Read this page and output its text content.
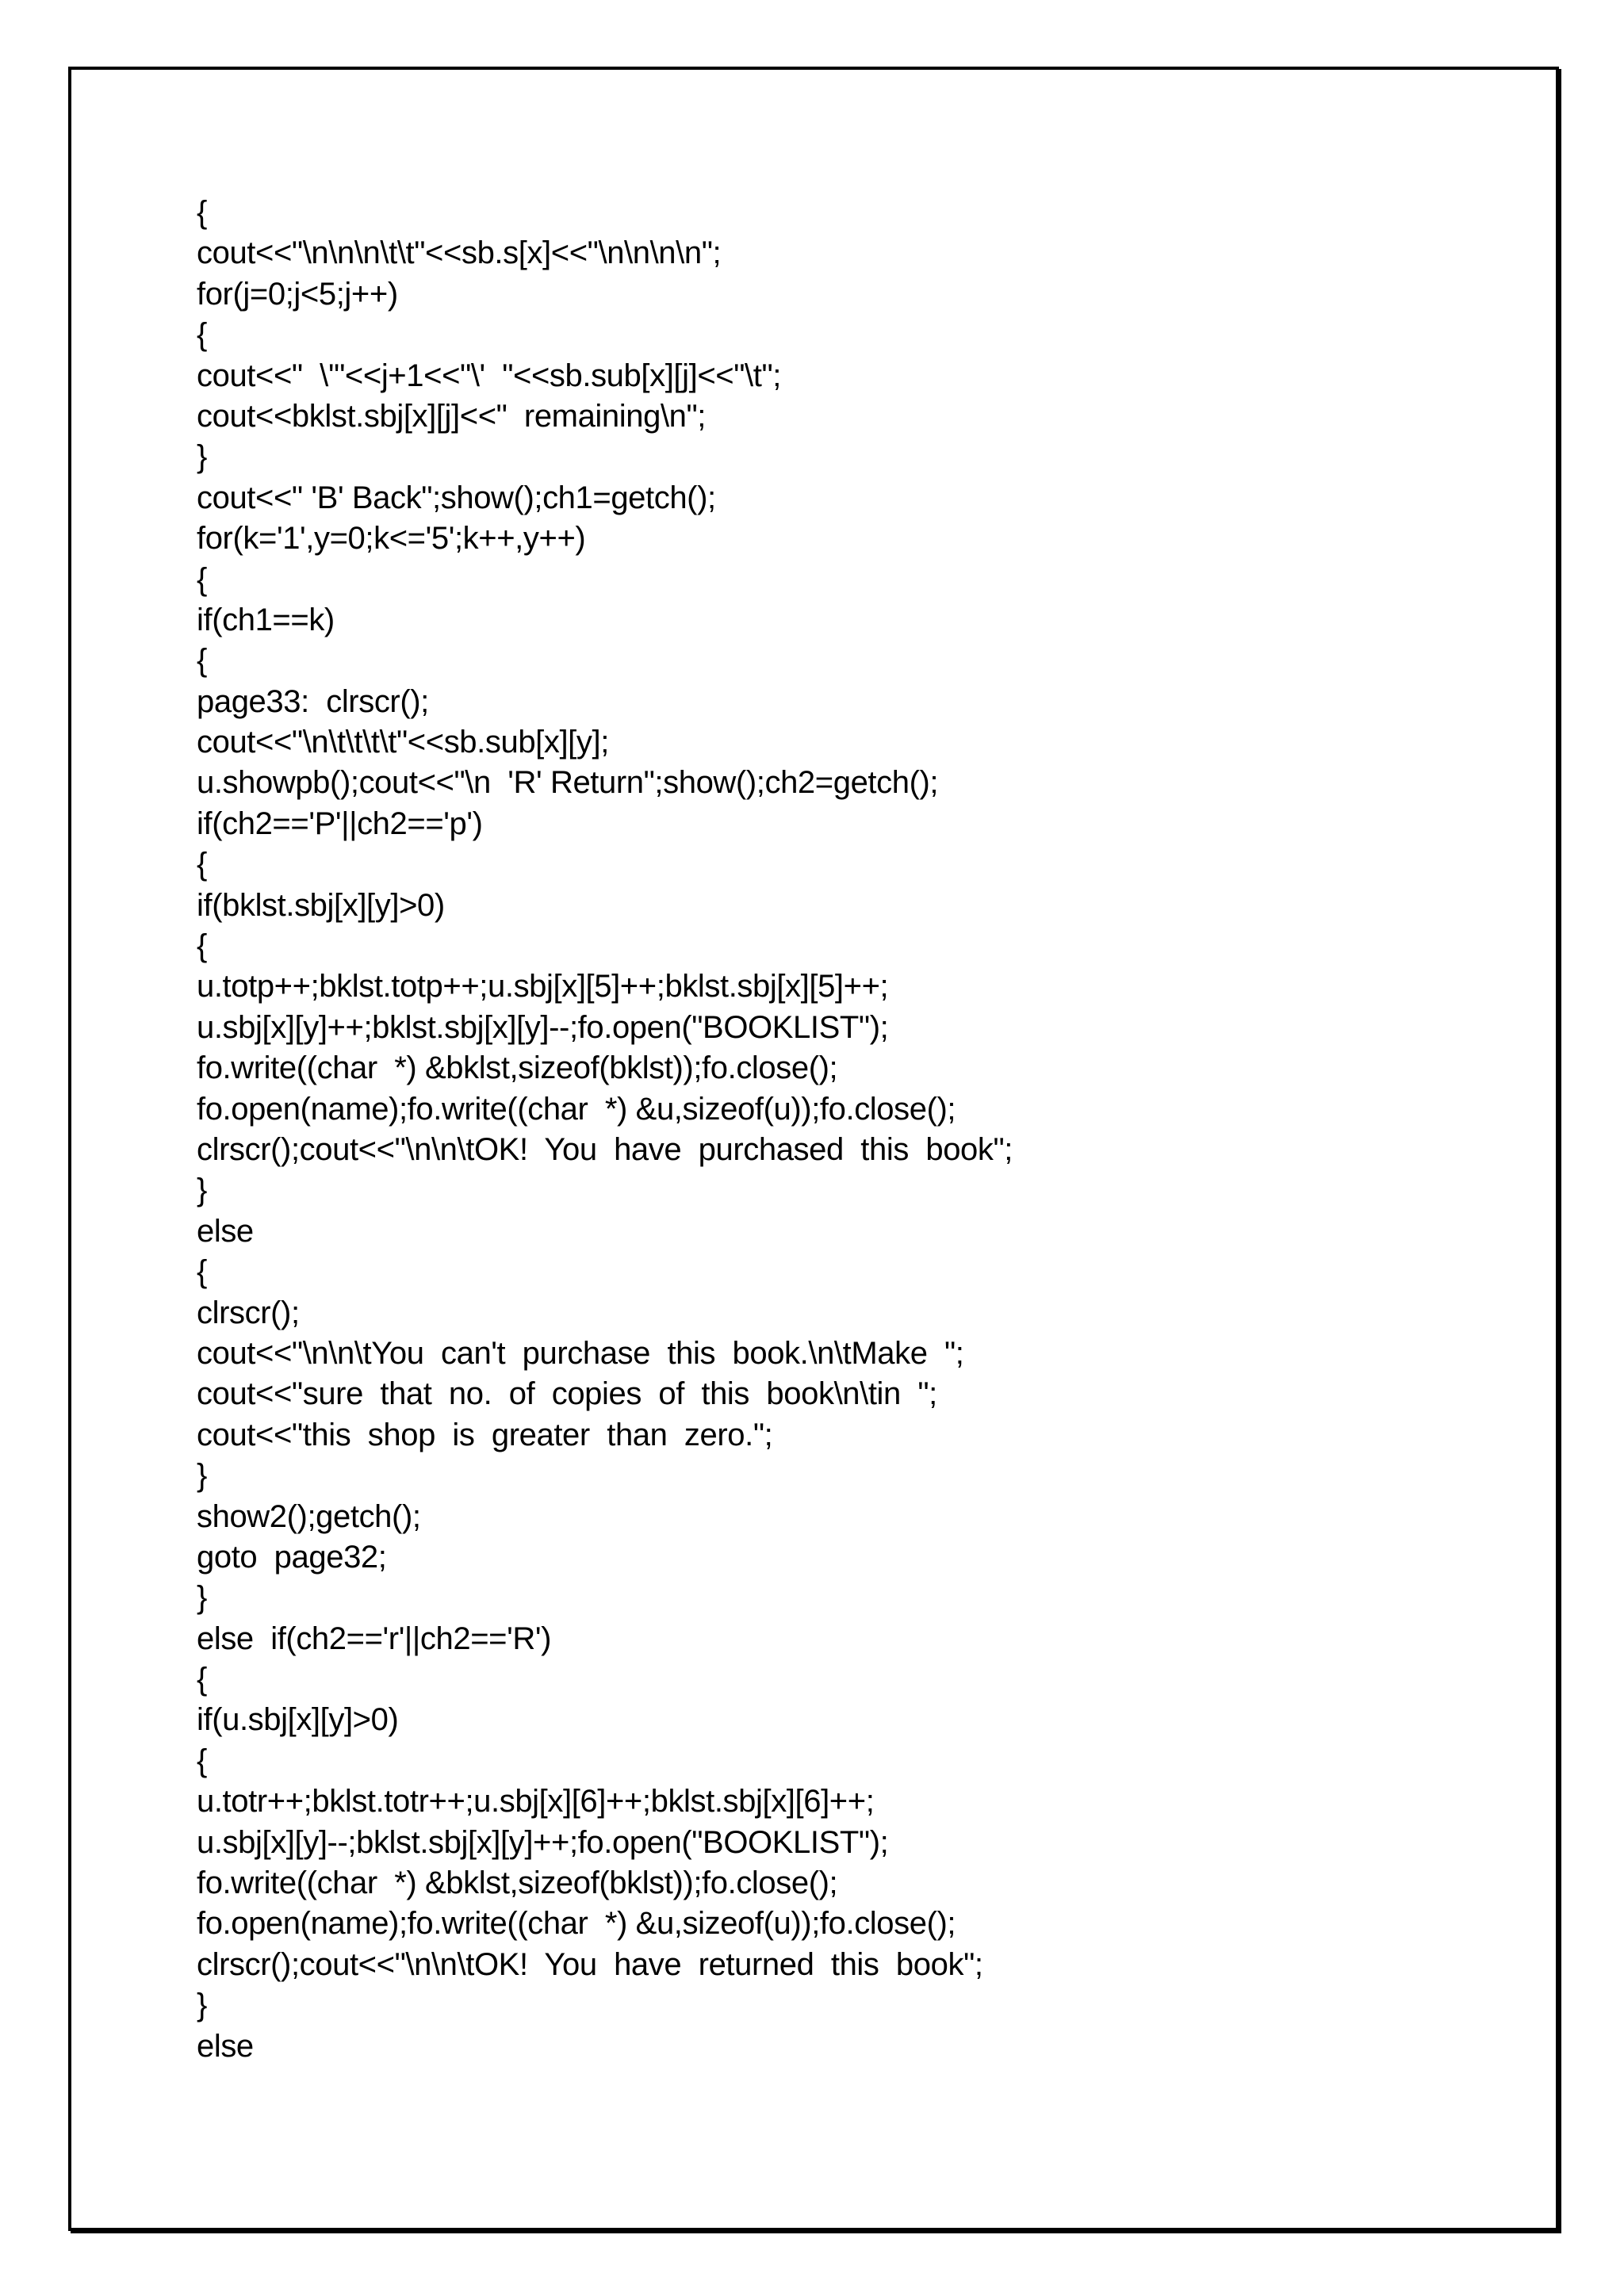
{
cout<<"\n\n\n\t\t"<<sb.s[x]<<"\n\n\n\n";
for(j=0;j<5;j++)
{
cout<<"  \'"<<j+1<<"\'  "<<sb.sub[x][j]<<"\t";
cout<<bklst.sbj[x][j]<<"  remaining\n";
}
cout<<" 'B' Back";show();ch1=getch();
for(k='1',y=0;k<='5';k++,y++)
{
if(ch1==k)
{
page33:  clrscr();
cout<<"\n\t\t\t\t"<<sb.sub[x][y];
u.showpb();cout<<"\n  'R' Return";show();ch2=getch();
if(ch2=='P'||ch2=='p')
{
if(bklst.sbj[x][y]>0)
{
u.totp++;bklst.totp++;u.sbj[x][5]++;bklst.sbj[x][5]++;
u.sbj[x][y]++;bklst.sbj[x][y]--;fo.open("BOOKLIST");
fo.write((char  *) &bklst,sizeof(bklst));fo.close();
fo.open(name);fo.write((char  *) &u,sizeof(u));fo.close();
clrscr();cout<<"\n\n\tOK!  You  have  purchased  this  book";
}
else
{
clrscr();
cout<<"\n\n\tYou  can't  purchase  this  book.\n\tMake  ";
cout<<"sure  that  no.  of  copies  of  this  book\n\tin  ";
cout<<"this  shop  is  greater  than  zero.";
}
show2();getch();
goto  page32;
}
else  if(ch2=='r'||ch2=='R')
{
if(u.sbj[x][y]>0)
{
u.totr++;bklst.totr++;u.sbj[x][6]++;bklst.sbj[x][6]++;
u.sbj[x][y]--;bklst.sbj[x][y]++;fo.open("BOOKLIST");
fo.write((char  *) &bklst,sizeof(bklst));fo.close();
fo.open(name);fo.write((char  *) &u,sizeof(u));fo.close();
clrscr();cout<<"\n\n\tOK!  You  have  returned  this  book";
}
else
